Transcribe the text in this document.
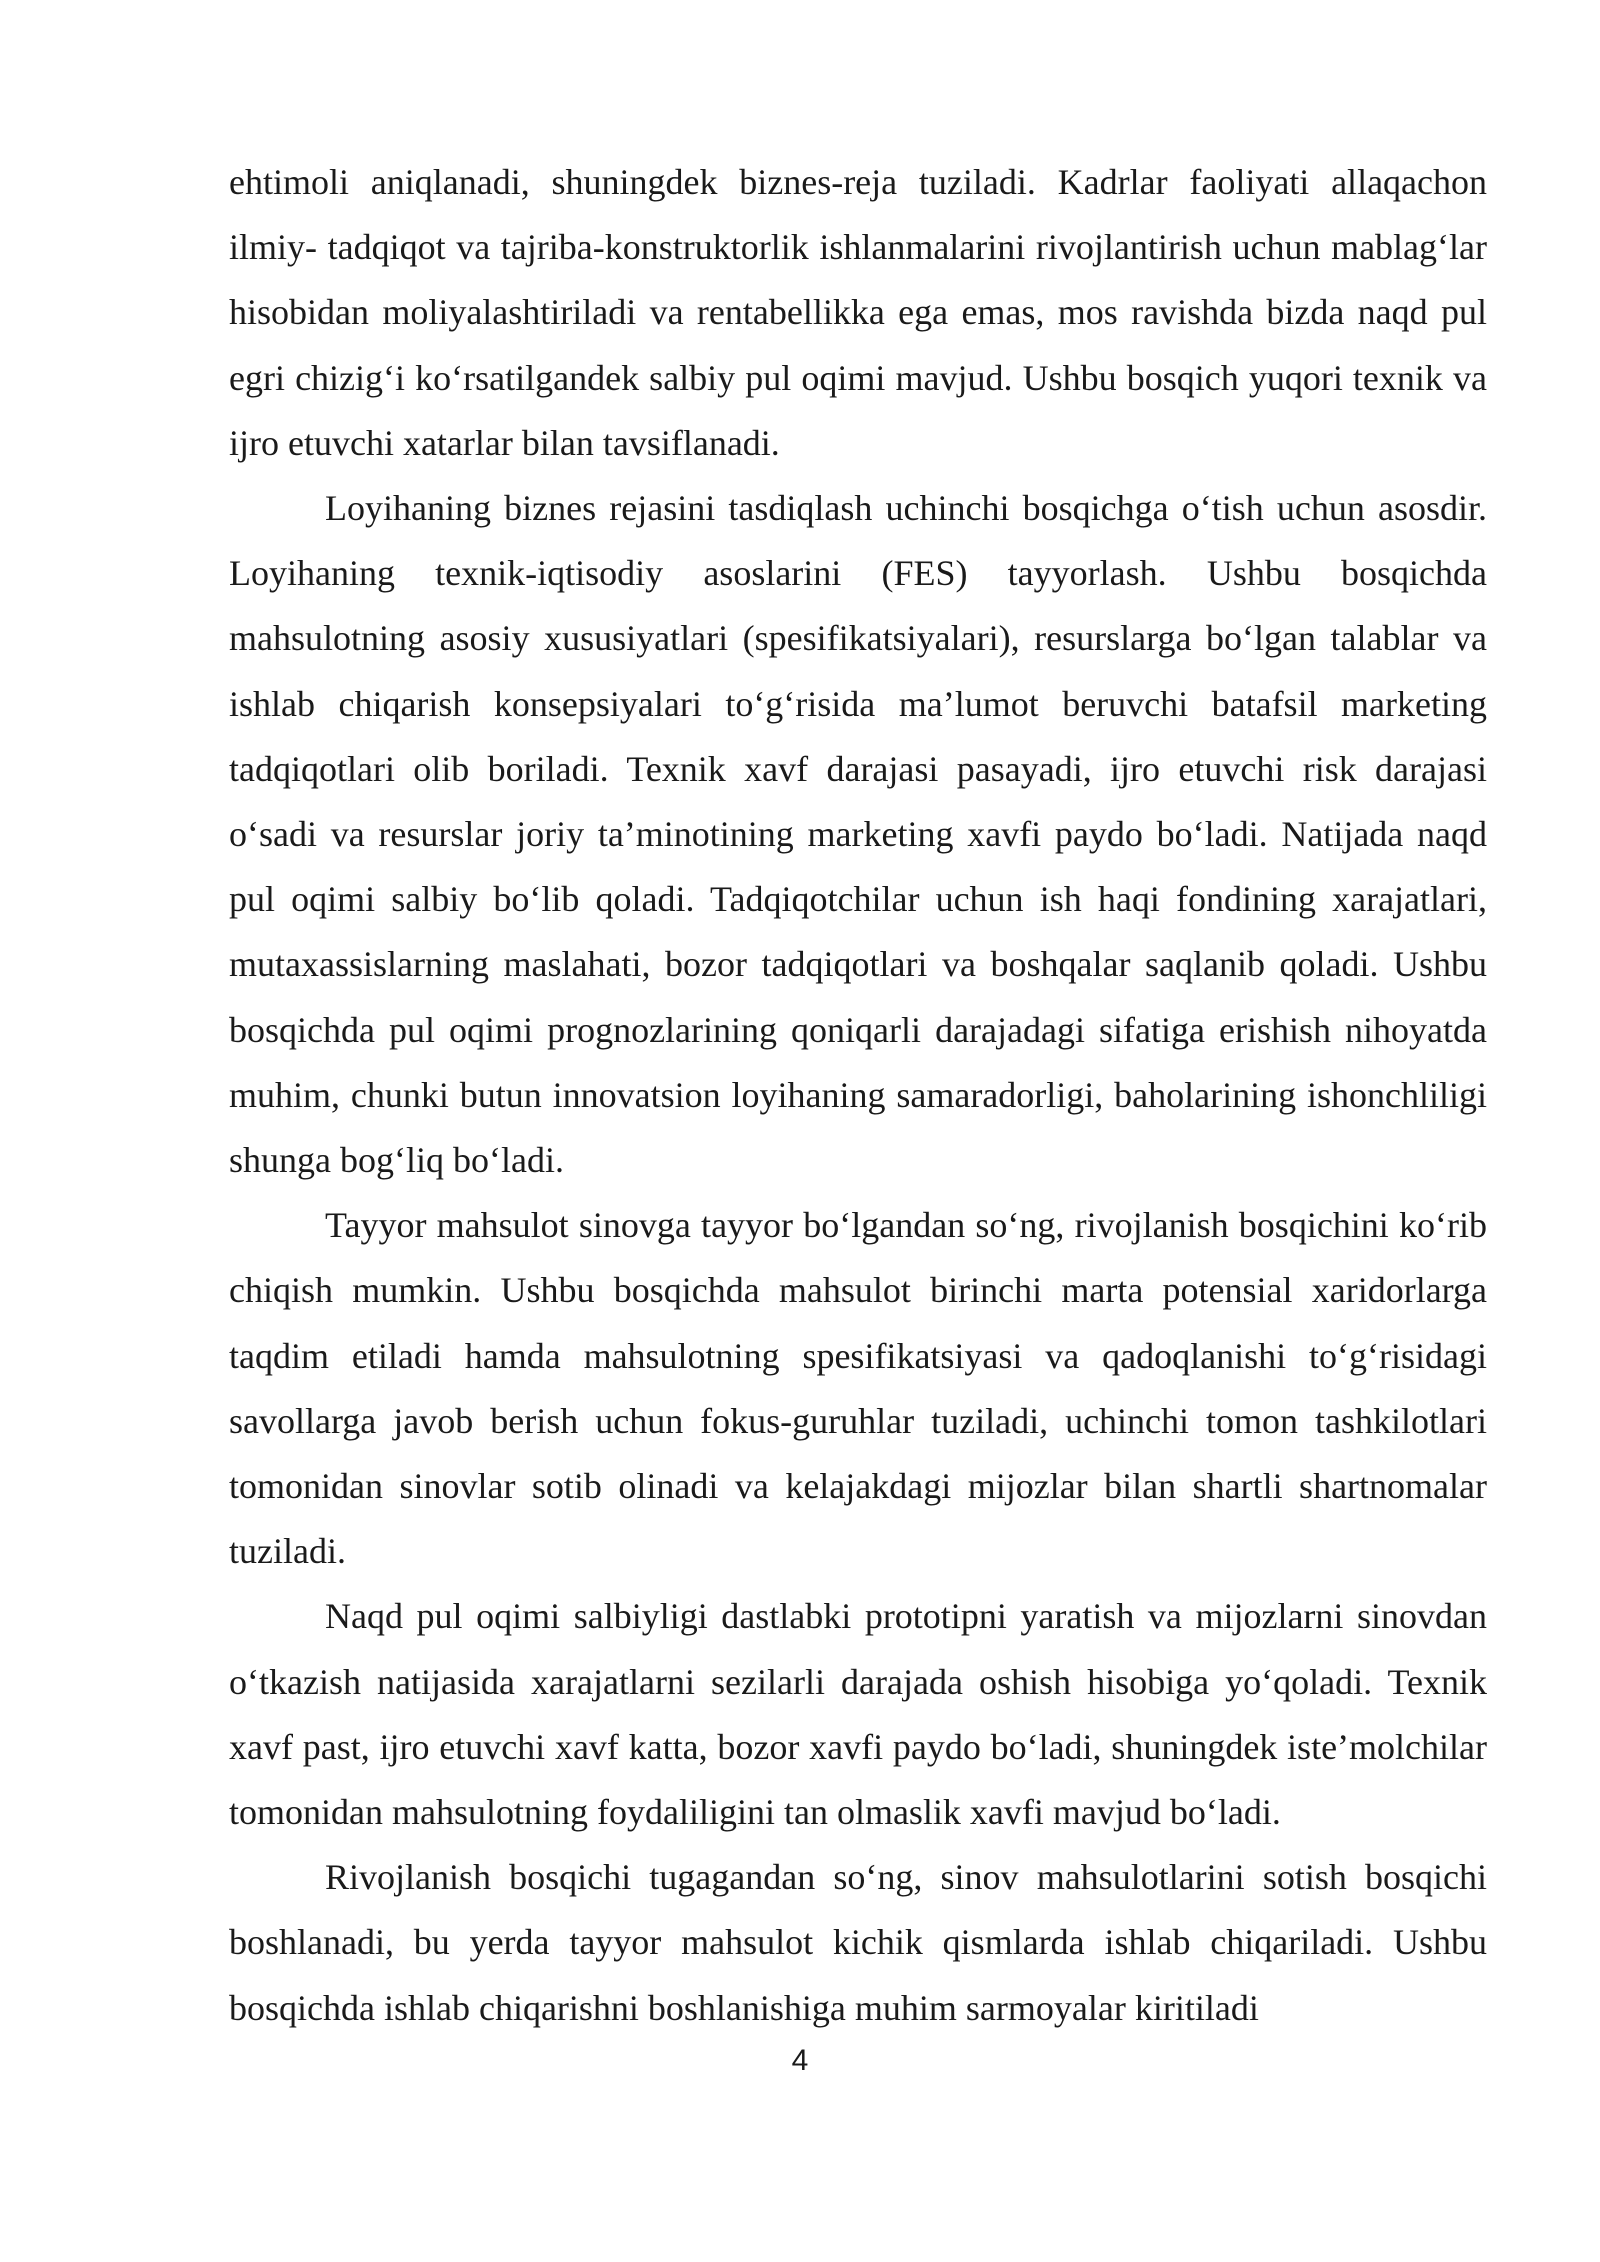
ehtimoli aniqlanadi, shuningdek biznes-reja tuziladi. Kadrlar faoliyati allaqachon ilmiy- tadqiqot va tajriba-konstruktorlik ishlanmalarini rivojlantirish uchun mablag‘lar hisobidan moliyalashtiriladi va rentabellikka ega emas, mos ravishda bizda naqd pul egri chizig‘i ko‘rsatilgandek salbiy pul oqimi mavjud. Ushbu bosqich yuqori texnik va ijro etuvchi xatarlar bilan tavsiflanadi.

Loyihaning biznes rejasini tasdiqlash uchinchi bosqichga o‘tish uchun asosdir. Loyihaning texnik-iqtisodiy asoslarini (FES) tayyorlash. Ushbu bosqichda mahsulotning asosiy xususiyatlari (spesifikatsiyalari), resurslarga bo‘lgan talablar va ishlab chiqarish konsepsiyalari to‘g‘risida ma’lumot beruvchi batafsil marketing tadqiqotlari olib boriladi. Texnik xavf darajasi pasayadi, ijro etuvchi risk darajasi o‘sadi va resurslar joriy ta’minotining marketing xavfi paydo bo‘ladi. Natijada naqd pul oqimi salbiy bo‘lib qoladi. Tadqiqotchilar uchun ish haqi fondining xarajatlari, mutaxassislarning maslahati, bozor tadqiqotlari va boshqalar saqlanib qoladi. Ushbu bosqichda pul oqimi prognozlarining qoniqarli darajadagi sifatiga erishish nihoyatda muhim, chunki butun innovatsion loyihaning samaradorligi, baholarining ishonchliligi shunga bog‘liq bo‘ladi.

Tayyor mahsulot sinovga tayyor bo‘lgandan so‘ng, rivojlanish bosqichini ko‘rib chiqish mumkin. Ushbu bosqichda mahsulot birinchi marta potensial xaridorlarga taqdim etiladi hamda mahsulotning spesifikatsiyasi va qadoqlanishi to‘g‘risidagi savollarga javob berish uchun fokus-guruhlar tuziladi, uchinchi tomon tashkilotlari tomonidan sinovlar sotib olinadi va kelajakdagi mijozlar bilan shartli shartnomalar tuziladi.

Naqd pul oqimi salbiyligi dastlabki prototipni yaratish va mijozlarni sinovdan o‘tkazish natijasida xarajatlarni sezilarli darajada oshish hisobiga yo‘qoladi. Texnik xavf past, ijro etuvchi xavf katta, bozor xavfi paydo bo‘ladi, shuningdek iste’molchilar tomonidan mahsulotning foydaliligini tan olmaslik xavfi mavjud bo‘ladi.

Rivojlanish bosqichi tugagandan so‘ng, sinov mahsulotlarini sotish bosqichi boshlanadi, bu yerda tayyor mahsulot kichik qismlarda ishlab chiqariladi. Ushbu bosqichda ishlab chiqarishni boshlanishiga muhim sarmoyalar kiritiladi

4
